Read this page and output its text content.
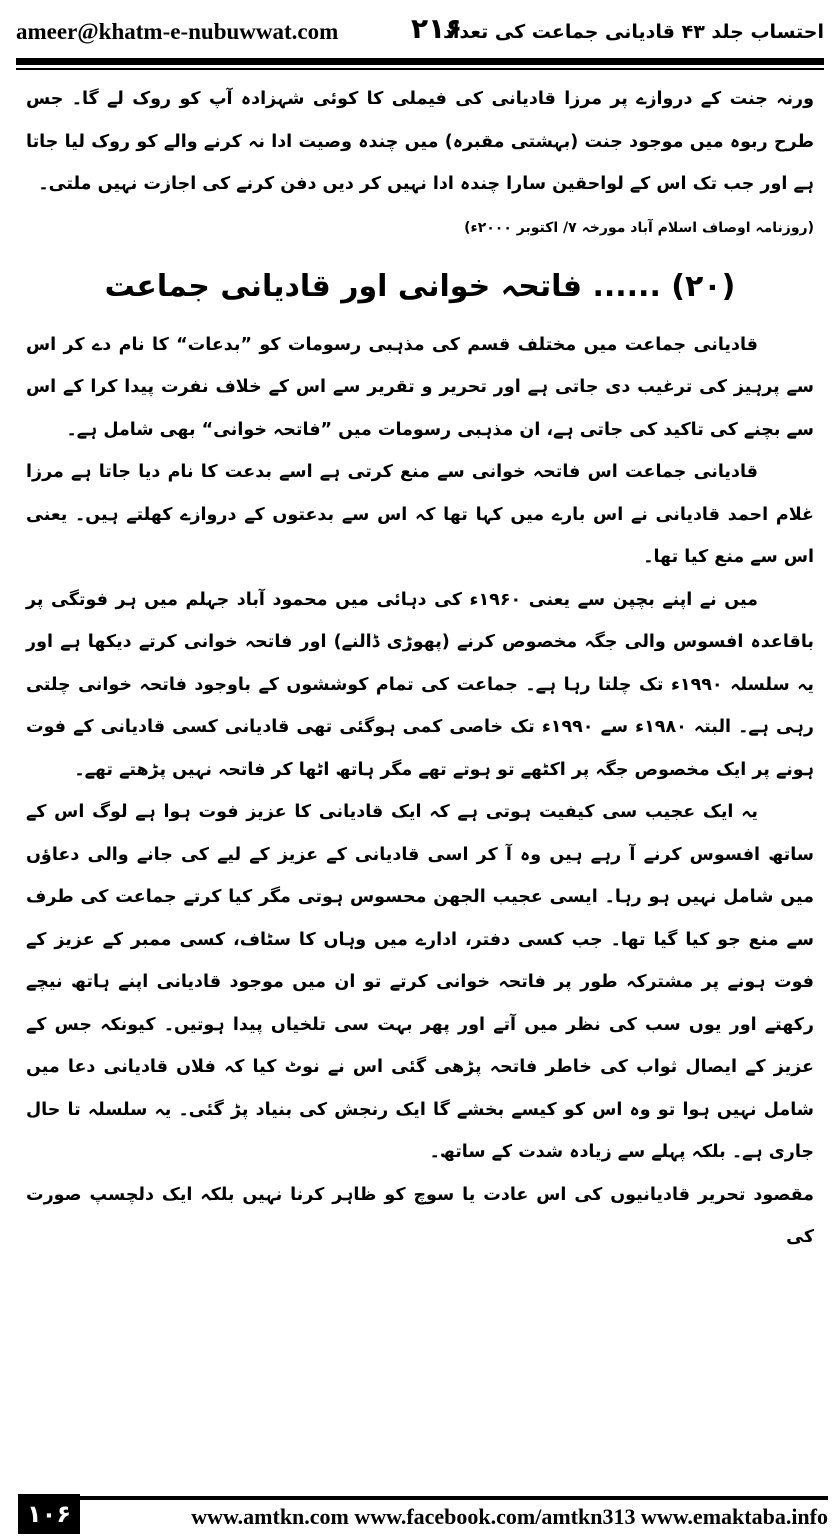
ameer@khatm-e-nubuwwat.com	۲۱۶
احتساب جلد ۴۳ قادیانی جماعت کی تعداد

ورنہ جنت کے دروازے پر مرزا قادیانی کی فیملی کا کوئی شہزادہ آپ کو روک لے گا۔ جس طرح ربوہ میں موجود جنت (بہشتی مقبرہ) میں چندہ وصیت ادا نہ کرنے والے کو روک لیا جاتا ہے اور جب تک اس کے لواحقین سارا چندہ ادا نہیں کر دیں دفن کرنے کی اجازت نہیں ملتی۔

(روزنامہ اوصاف اسلام آباد مورخہ ۷/ اکتوبر ۲۰۰۰ء)

(۲۰) ...... فاتحہ خوانی اور قادیانی جماعت

قادیانی جماعت میں مختلف قسم کی مذہبی رسومات کو ”بدعات“ کا نام دے کر اس سے پرہیز کی ترغیب دی جاتی ہے اور تحریر و تقریر سے اس کے خلاف نفرت پیدا کرا کے اس سے بچنے کی تاکید کی جاتی ہے، ان مذہبی رسومات میں ”فاتحہ خوانی“ بھی شامل ہے۔

قادیانی جماعت اس فاتحہ خوانی سے منع کرتی ہے اسے بدعت کا نام دیا جاتا ہے مرزا غلام احمد قادیانی نے اس بارے میں کہا تھا کہ اس سے بدعتوں کے دروازے کھلتے ہیں۔ یعنی اس سے منع کیا تھا۔

میں نے اپنے بچپن سے یعنی ۱۹۶۰ء کی دہائی میں محمود آباد جہلم میں ہر فوتگی پر باقاعدہ افسوس والی جگہ مخصوص کرنے (پھوڑی ڈالنے) اور فاتحہ خوانی کرتے دیکھا ہے اور یہ سلسلہ ۱۹۹۰ء تک چلتا رہا ہے۔ جماعت کی تمام کوششوں کے باوجود فاتحہ خوانی چلتی رہی ہے۔ البتہ ۱۹۸۰ء سے ۱۹۹۰ء تک خاصی کمی ہوگئی تھی قادیانی کسی قادیانی کے فوت ہونے پر ایک مخصوص جگہ پر اکٹھے تو ہوتے تھے مگر ہاتھ اٹھا کر فاتحہ نہیں پڑھتے تھے۔

یہ ایک عجیب سی کیفیت ہوتی ہے کہ ایک قادیانی کا عزیز فوت ہوا ہے لوگ اس کے ساتھ افسوس کرنے آ رہے ہیں وہ آ کر اسی قادیانی کے عزیز کے لیے کی جانے والی دعاؤں میں شامل نہیں ہو رہا۔ ایسی عجیب الجھن محسوس ہوتی مگر کیا کرتے جماعت کی طرف سے منع جو کیا گیا تھا۔ جب کسی دفتر، ادارے میں وہاں کا سٹاف، کسی ممبر کے عزیز کے فوت ہونے پر مشترکہ طور پر فاتحہ خوانی کرتے تو ان میں موجود قادیانی اپنے ہاتھ نیچے رکھتے اور یوں سب کی نظر میں آتے اور پھر بہت سی تلخیاں پیدا ہوتیں۔ کیونکہ جس کے عزیز کے ایصال ثواب کی خاطر فاتحہ پڑھی گئی اس نے نوٹ کیا کہ فلاں قادیانی دعا میں شامل نہیں ہوا تو وہ اس کو کیسے بخشے گا ایک رنجش کی بنیاد پڑ گئی۔ یہ سلسلہ تا حال جاری ہے۔ بلکہ پہلے سے زیادہ شدت کے ساتھ۔

مقصود تحریر قادیانیوں کی اس عادت یا سوچ کو ظاہر کرنا نہیں بلکہ ایک دلچسپ صورت کی

۱۰۶	www.amtkn.com www.facebook.com/amtkn313 www.emaktaba.info
